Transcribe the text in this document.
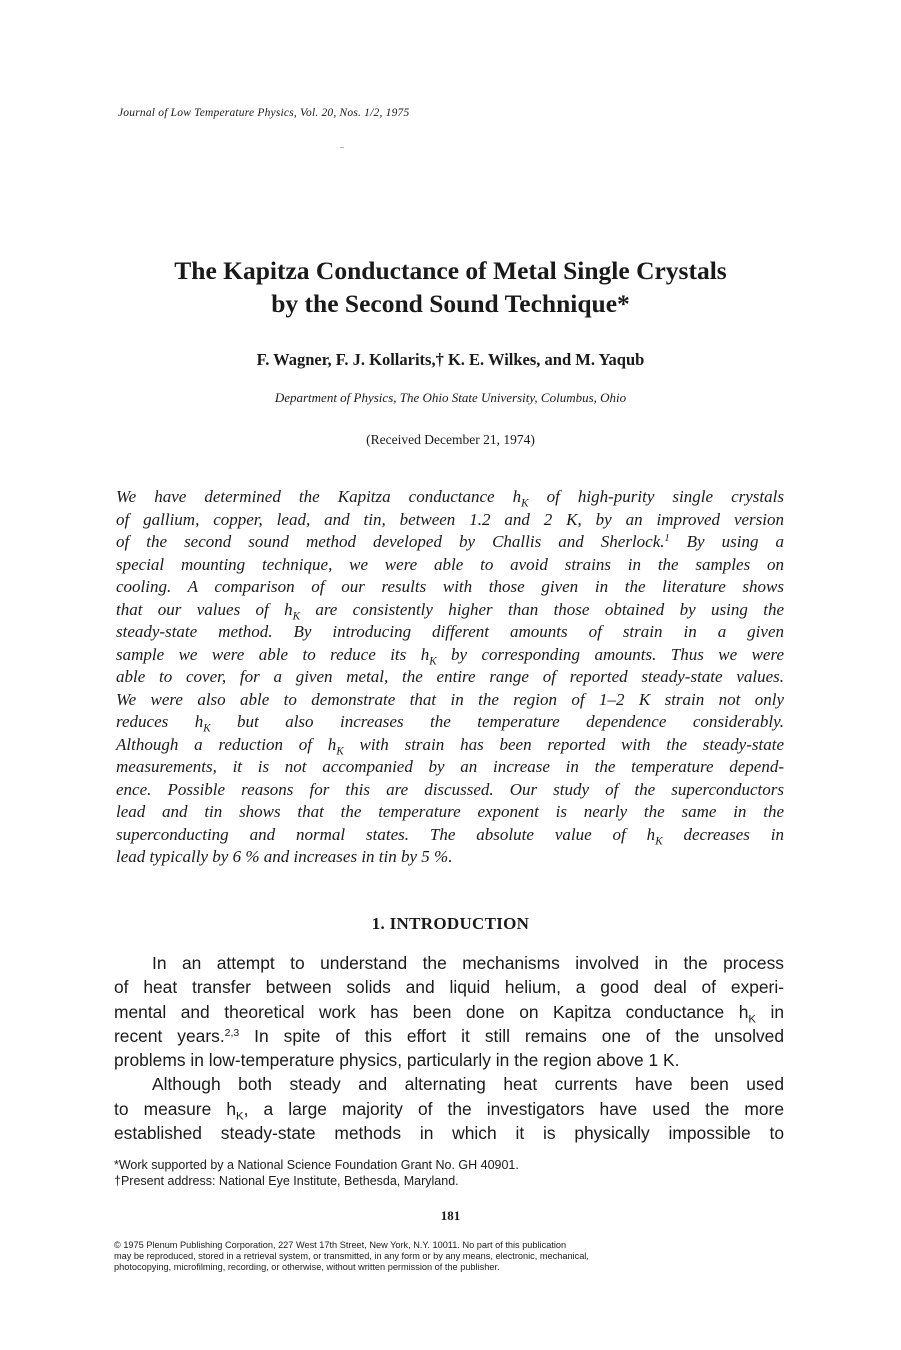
Journal of Low Temperature Physics, Vol. 20, Nos. 1/2, 1975
The Kapitza Conductance of Metal Single Crystals
by the Second Sound Technique*
F. Wagner, F. J. Kollarits,† K. E. Wilkes, and M. Yaqub
Department of Physics, The Ohio State University, Columbus, Ohio
(Received December 21, 1974)
We have determined the Kapitza conductance $h_K$ of high-purity single crystals
of gallium, copper, lead, and tin, between 1.2 and 2 K, by an improved version
of the second sound method developed by Challis and Sherlock.$^1$ By using a
special mounting technique, we were able to avoid strains in the samples on
cooling. A comparison of our results with those given in the literature shows
that our values of $h_K$ are consistently higher than those obtained by using the
steady-state method. By introducing different amounts of strain in a given
sample we were able to reduce its $h_K$ by corresponding amounts. Thus we were
able to cover, for a given metal, the entire range of reported steady-state values.
We were also able to demonstrate that in the region of 1–2 K strain not only
reduces $h_K$ but also increases the temperature dependence considerably.
Although a reduction of $h_K$ with strain has been reported with the steady-state
measurements, it is not accompanied by an increase in the temperature depend-
ence. Possible reasons for this are discussed. Our study of the superconductors
lead and tin shows that the temperature exponent is nearly the same in the
superconducting and normal states. The absolute value of $h_K$ decreases in
lead typically by 6 % and increases in tin by 5 %.
1. INTRODUCTION
In an attempt to understand the mechanisms involved in the process
of heat transfer between solids and liquid helium, a good deal of experi-
mental and theoretical work has been done on Kapitza conductance $h_K$ in
recent years.$^{2,3}$ In spite of this effort it still remains one of the unsolved
problems in low-temperature physics, particularly in the region above 1 K.
Although both steady and alternating heat currents have been used
to measure $h_K$, a large majority of the investigators have used the more
established steady-state methods in which it is physically impossible to
*Work supported by a National Science Foundation Grant No. GH 40901.
†Present address: National Eye Institute, Bethesda, Maryland.
181
© 1975 Plenum Publishing Corporation, 227 West 17th Street, New York, N.Y. 10011. No part of this publication
may be reproduced, stored in a retrieval system, or transmitted, in any form or by any means, electronic, mechanical,
photocopying, microfilming, recording, or otherwise, without written permission of the publisher.
